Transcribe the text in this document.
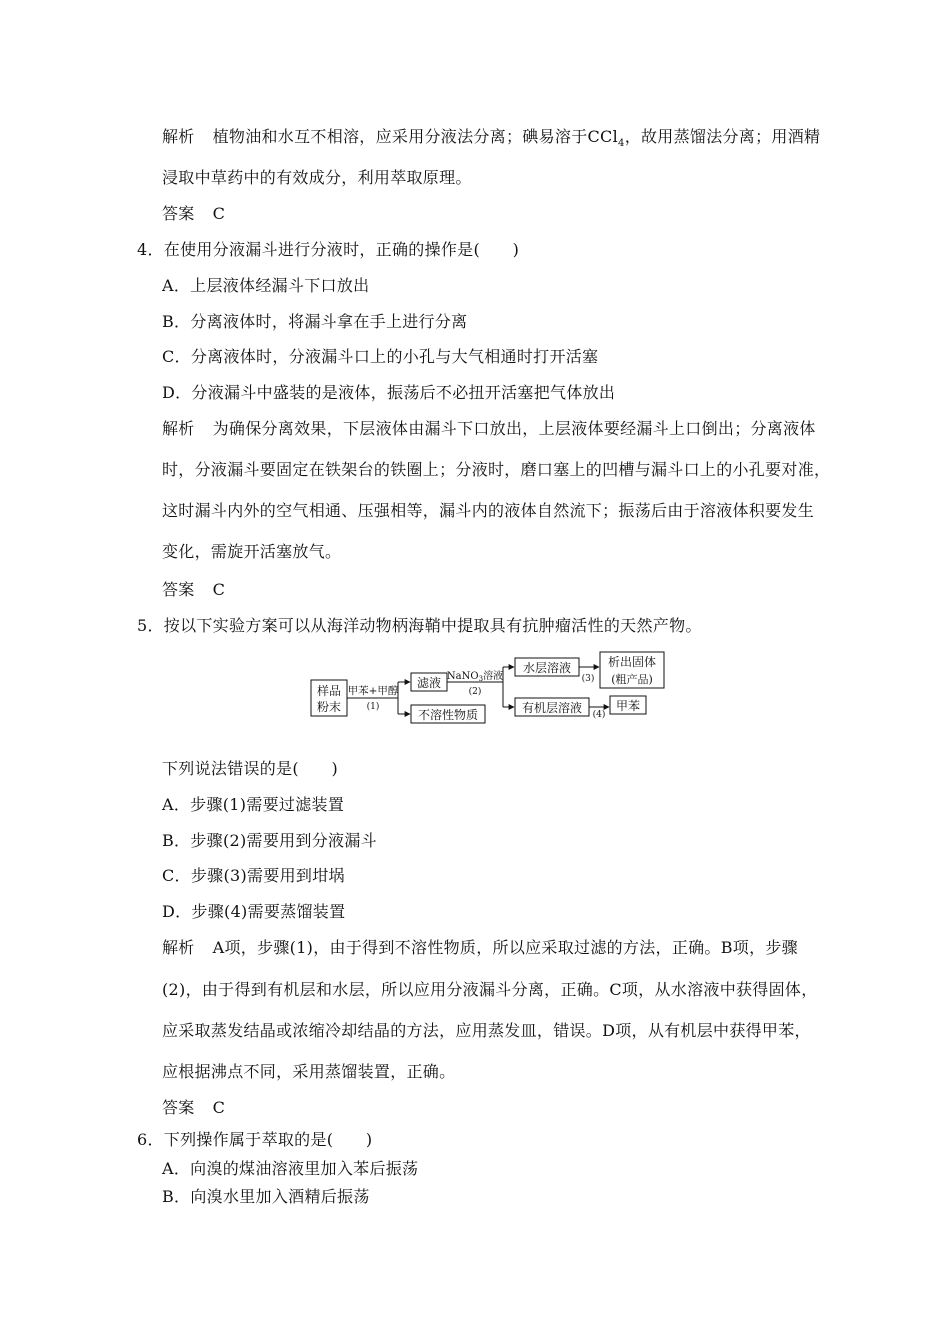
解析 植物油和水互不相溶，应采用分液法分离；碘易溶于CCl$_4$，故用蒸馏法分离；用酒精
浸取中草药中的有效成分，利用萃取原理。
答案 C
4．在使用分液漏斗进行分液时，正确的操作是(　　)
A．上层液体经漏斗下口放出
B．分离液体时，将漏斗拿在手上进行分离
C．分离液体时，分液漏斗口上的小孔与大气相通时打开活塞
D．分液漏斗中盛装的是液体，振荡后不必扭开活塞把气体放出
解析 为确保分离效果，下层液体由漏斗下口放出，上层液体要经漏斗上口倒出；分离液体
时，分液漏斗要固定在铁架台的铁圈上；分液时，磨口塞上的凹槽与漏斗口上的小孔要对准，
这时漏斗内外的空气相通、压强相等，漏斗内的液体自然流下；振荡后由于溶液体积要发生
变化，需旋开活塞放气。
答案 C
5．按以下实验方案可以从海洋动物柄海鞘中提取具有抗肿瘤活性的天然产物。
样品
粉末
甲苯+甲醇
(1)
滤液 NaNO$_3$溶液
(2)
不溶性物质
水层溶液
(3)
析出固体
(粗产品)
有机层溶液 (4)
甲苯
下列说法错误的是(　　)
A．步骤(1)需要过滤装置
B．步骤(2)需要用到分液漏斗
C．步骤(3)需要用到坩埚
D．步骤(4)需要蒸馏装置
解析 A项，步骤(1)，由于得到不溶性物质，所以应采取过滤的方法，正确。B项，步骤
(2)，由于得到有机层和水层，所以应用分液漏斗分离，正确。C项，从水溶液中获得固体，
应采取蒸发结晶或浓缩冷却结晶的方法，应用蒸发皿，错误。D项，从有机层中获得甲苯，
应根据沸点不同，采用蒸馏装置，正确。
答案 C
6．下列操作属于萃取的是(　　)
A．向溴的煤油溶液里加入苯后振荡
B．向溴水里加入酒精后振荡
